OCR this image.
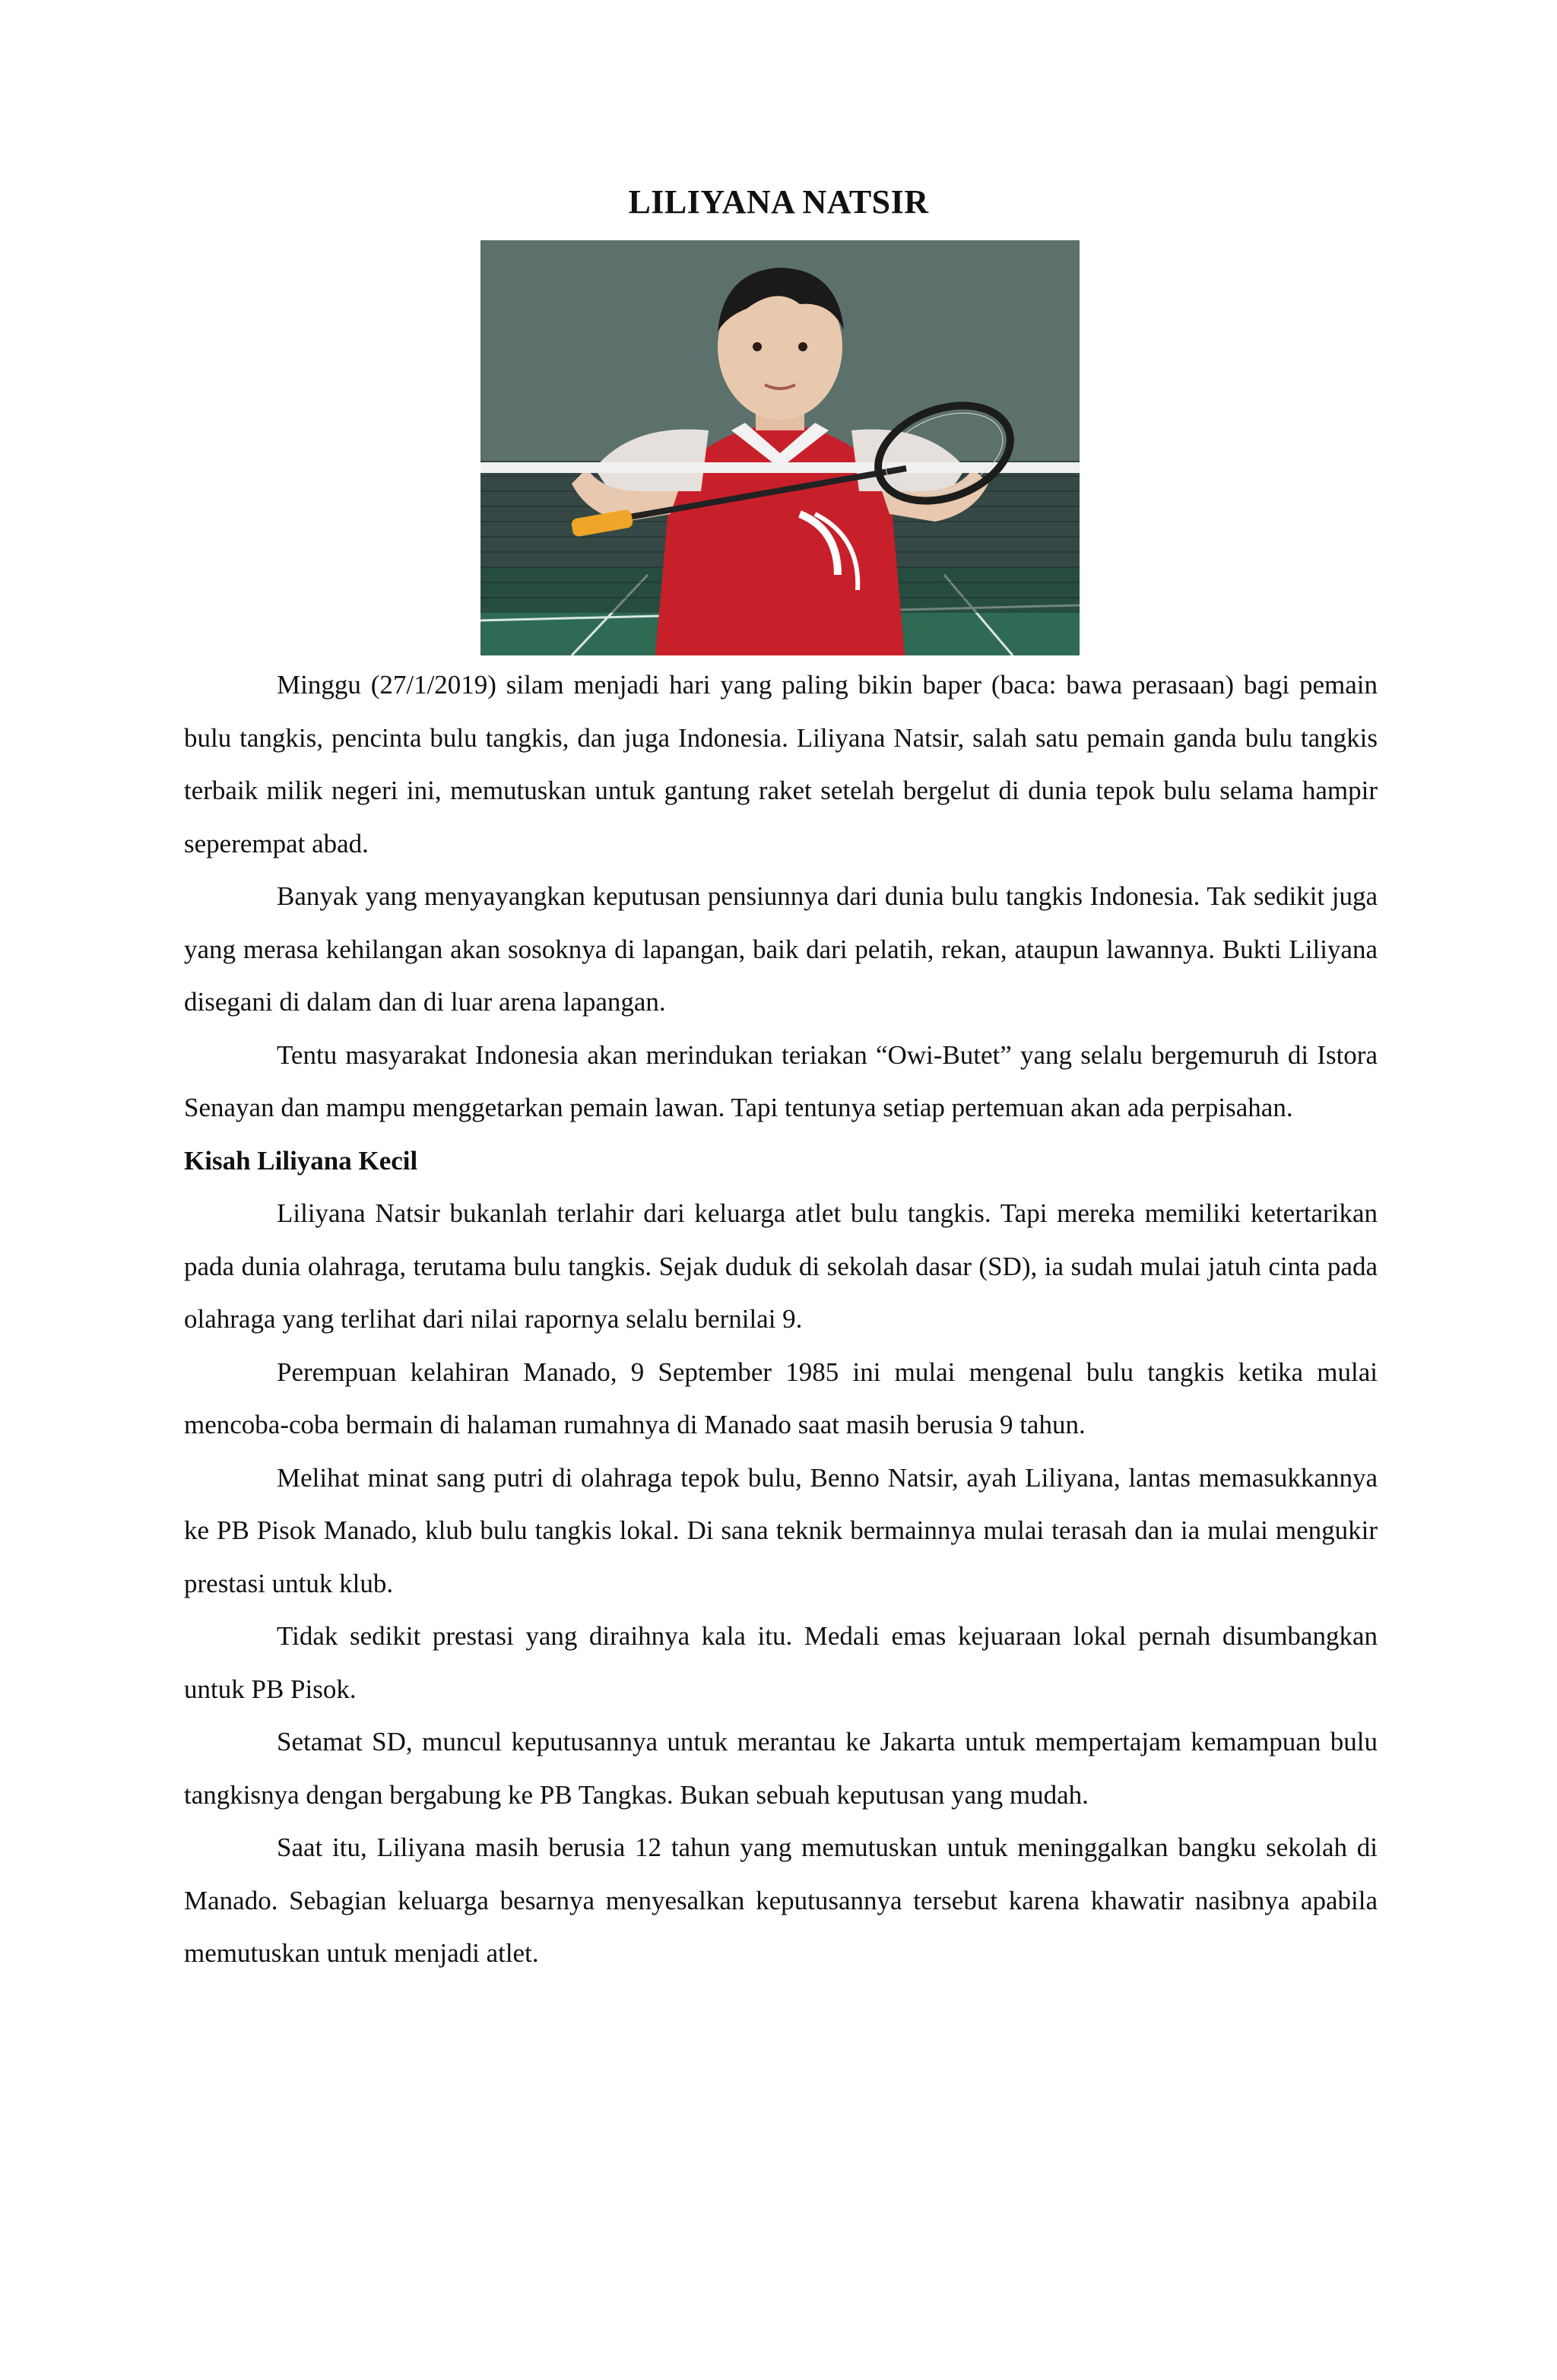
LILIYANA NATSIR

Minggu (27/1/2019) silam menjadi hari yang paling bikin baper (baca: bawa perasaan) bagi pemain bulu tangkis, pencinta bulu tangkis, dan juga Indonesia. Liliyana Natsir, salah satu pemain ganda bulu tangkis terbaik milik negeri ini, memutuskan untuk gantung raket setelah bergelut di dunia tepok bulu selama hampir seperempat abad.

Banyak yang menyayangkan keputusan pensiunnya dari dunia bulu tangkis Indonesia. Tak sedikit juga yang merasa kehilangan akan sosoknya di lapangan, baik dari pelatih, rekan, ataupun lawannya. Bukti Liliyana disegani di dalam dan di luar arena lapangan.

Tentu masyarakat Indonesia akan merindukan teriakan “Owi-Butet” yang selalu bergemuruh di Istora Senayan dan mampu menggetarkan pemain lawan. Tapi tentunya setiap pertemuan akan ada perpisahan.

Kisah Liliyana Kecil

Liliyana Natsir bukanlah terlahir dari keluarga atlet bulu tangkis. Tapi mereka memiliki ketertarikan pada dunia olahraga, terutama bulu tangkis. Sejak duduk di sekolah dasar (SD), ia sudah mulai jatuh cinta pada olahraga yang terlihat dari nilai rapornya selalu bernilai 9.

Perempuan kelahiran Manado, 9 September 1985 ini mulai mengenal bulu tangkis ketika mulai mencoba-coba bermain di halaman rumahnya di Manado saat masih berusia 9 tahun.

Melihat minat sang putri di olahraga tepok bulu, Benno Natsir, ayah Liliyana, lantas memasukkannya ke PB Pisok Manado, klub bulu tangkis lokal. Di sana teknik bermainnya mulai terasah dan ia mulai mengukir prestasi untuk klub.

Tidak sedikit prestasi yang diraihnya kala itu. Medali emas kejuaraan lokal pernah disumbangkan untuk PB Pisok.

Setamat SD, muncul keputusannya untuk merantau ke Jakarta untuk mempertajam kemampuan bulu tangkisnya dengan bergabung ke PB Tangkas. Bukan sebuah keputusan yang mudah.

Saat itu, Liliyana masih berusia 12 tahun yang memutuskan untuk meninggalkan bangku sekolah di Manado. Sebagian keluarga besarnya menyesalkan keputusannya tersebut karena khawatir nasibnya apabila memutuskan untuk menjadi atlet.
